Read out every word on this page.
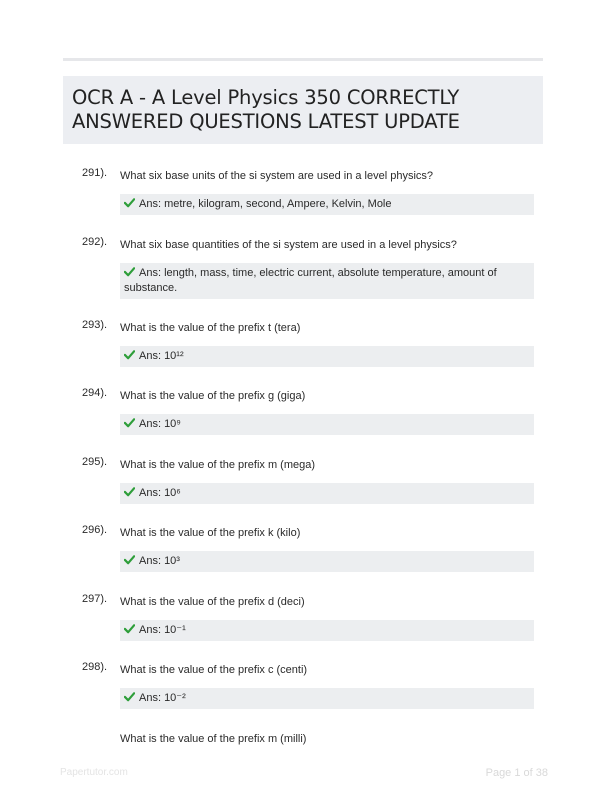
OCR A - A Level Physics 350 CORRECTLY ANSWERED QUESTIONS LATEST UPDATE
291). What six base units of the si system are used in a level physics?
Ans: metre, kilogram, second, Ampere, Kelvin, Mole
292). What six base quantities of the si system are used in a level physics?
Ans: length, mass, time, electric current, absolute temperature, amount of substance.
293). What is the value of the prefix t (tera)
Ans: 10¹²
294). What is the value of the prefix g (giga)
Ans: 10⁹
295). What is the value of the prefix m (mega)
Ans: 10⁶
296). What is the value of the prefix k (kilo)
Ans: 10³
297). What is the value of the prefix d (deci)
Ans: 10⁻¹
298). What is the value of the prefix c (centi)
Ans: 10⁻²
What is the value of the prefix m (milli)
Papertutor.com	Page 1 of 38
